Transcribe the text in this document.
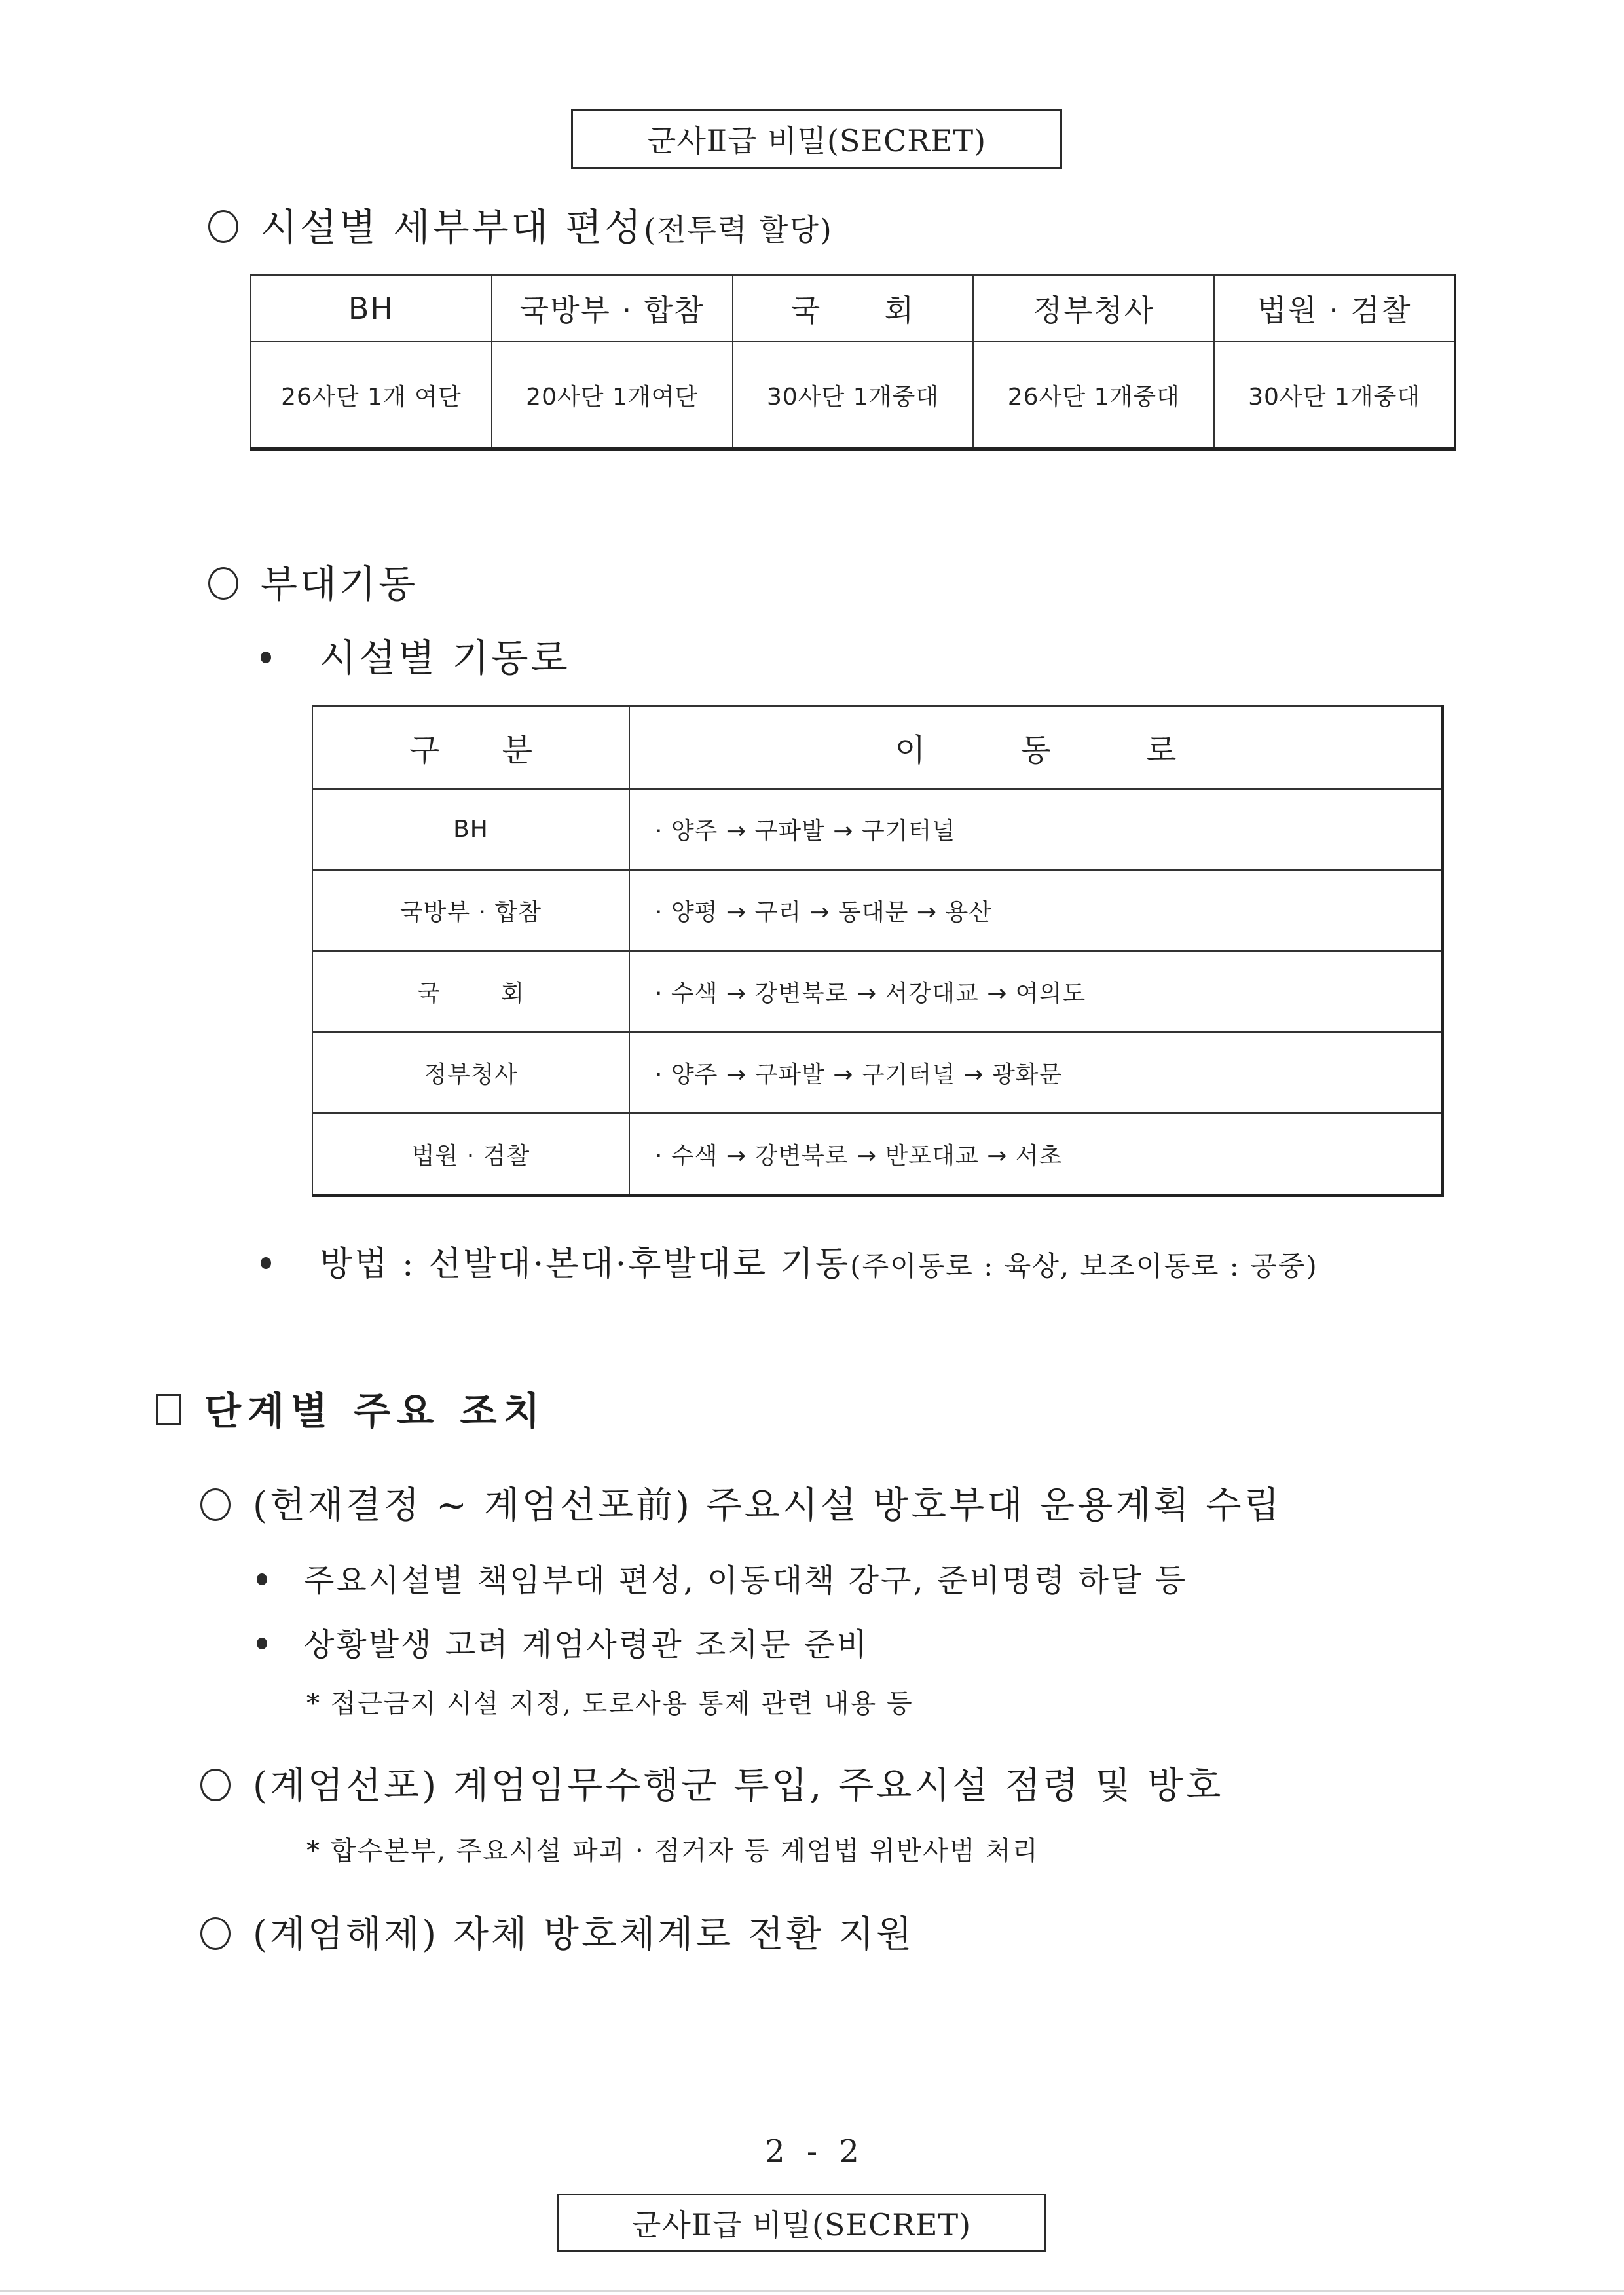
군사Ⅱ급 비밀(SECRET)
시설별 세부부대 편성(전투력 할당)
BH	국방부 · 합참	국 회	정부청사	법원 · 검찰
26사단 1개 여단	20사단 1개여단	30사단 1개중대	26사단 1개중대	30사단 1개중대
부대기동
시설별 기동로
구 분	이 동 로
BH	· 양주 → 구파발 → 구기터널
국방부 · 합참	· 양평 → 구리 → 동대문 → 용산
국 회	· 수색 → 강변북로 → 서강대교 → 여의도
정부청사	· 양주 → 구파발 → 구기터널 → 광화문
법원 · 검찰	· 수색 → 강변북로 → 반포대교 → 서초
방법 : 선발대·본대·후발대로 기동(주이동로 : 육상, 보조이동로 : 공중)
단계별 주요 조치
(헌재결정 ~ 계엄선포前) 주요시설 방호부대 운용계획 수립
주요시설별 책임부대 편성, 이동대책 강구, 준비명령 하달 등
상황발생 고려 계엄사령관 조치문 준비
* 접근금지 시설 지정, 도로사용 통제 관련 내용 등
(계엄선포) 계엄임무수행군 투입, 주요시설 점령 및 방호
* 합수본부, 주요시설 파괴 · 점거자 등 계엄법 위반사범 처리
(계엄해제) 자체 방호체계로 전환 지원
2 - 2
군사Ⅱ급 비밀(SECRET)
